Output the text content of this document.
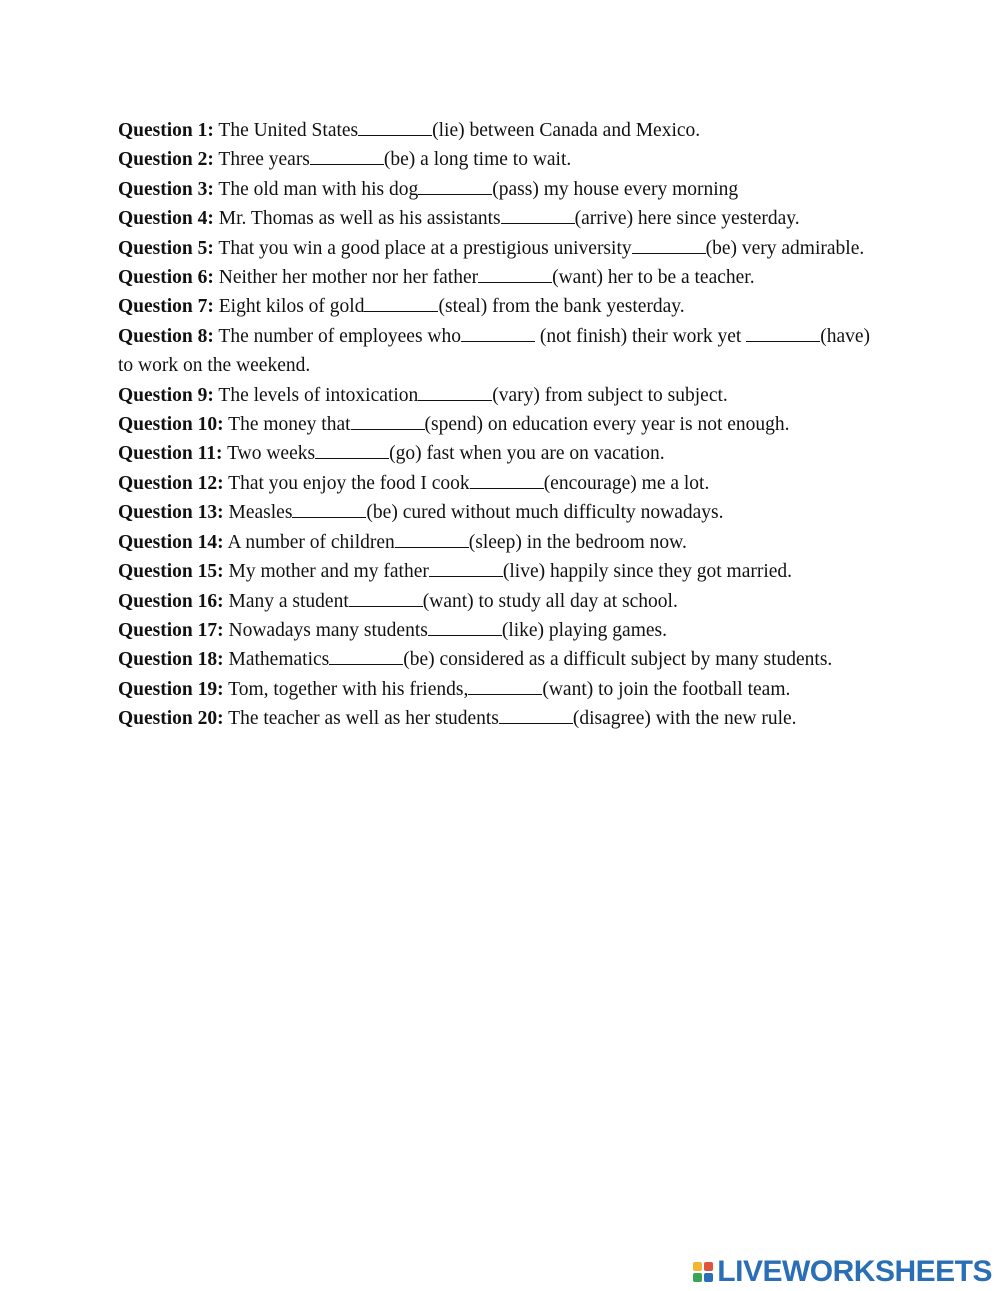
Question 1: The United States	(lie) between Canada and Mexico.

Question 2: Three years	(be) a long time to wait.

Question 3: The old man with his dog	(pass) my house every morning

Question 4: Mr. Thomas as well as his assistants	(arrive) here since yesterday.

Question 5: That you win a good place at a prestigious university	(be) very admirable.

Question 6: Neither her mother nor her father	(want) her to be a teacher.

Question 7: Eight kilos of gold	(steal) from the bank yesterday.

Question 8: The number of employees who	(not finish) their work yet	(have) to work on the weekend.

Question 9: The levels of intoxication	(vary) from subject to subject.

Question 10: The money that	(spend) on education every year is not enough.

Question 11: Two weeks	(go) fast when you are on vacation.

Question 12: That you enjoy the food I cook	(encourage) me a lot.

Question 13: Measles	(be) cured without much difficulty nowadays.

Question 14: A number of children	(sleep) in the bedroom now.

Question 15: My mother and my father	(live) happily since they got married.

Question 16: Many a student	(want) to study all day at school.

Question 17: Nowadays many students	(like) playing games.

Question 18: Mathematics	(be) considered as a difficult subject by many students.

Question 19: Tom, together with his friends,	(want) to join the football team.

Question 20: The teacher as well as her students	(disagree) with the new rule.

LIVEWORKSHEETS
